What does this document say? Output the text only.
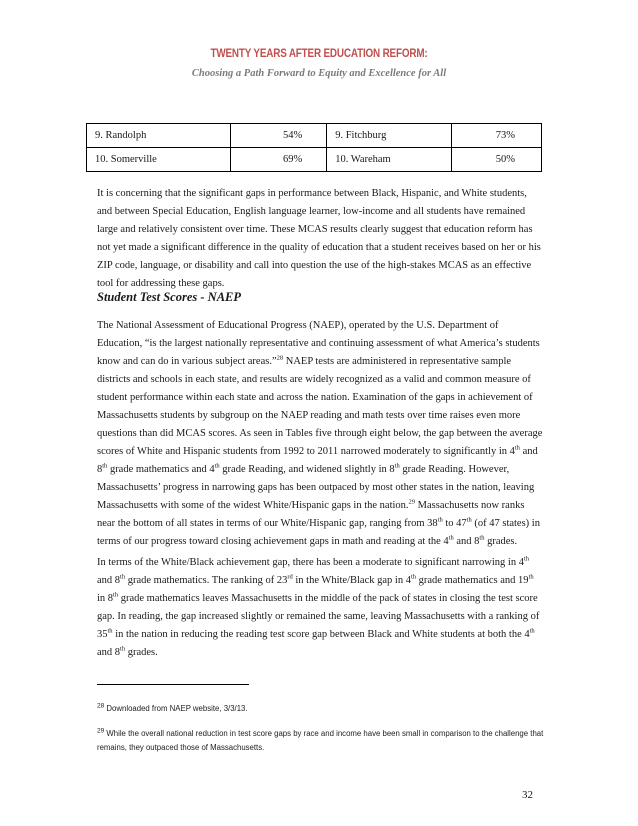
TWENTY YEARS AFTER EDUCATION REFORM:
Choosing a Path Forward to Equity and Excellence for All
9. Randolph	54%	9. Fitchburg	73%
10. Somerville	69%	10. Wareham	50%

It is concerning that the significant gaps in performance between Black, Hispanic, and White students, and between Special Education, English language learner, low-income and all students have remained large and relatively consistent over time. These MCAS results clearly suggest that education reform has not yet made a significant difference in the quality of education that a student receives based on her or his ZIP code, language, or disability and call into question the use of the high-stakes MCAS as an effective tool for addressing these gaps.

Student Test Scores - NAEP

The National Assessment of Educational Progress (NAEP), operated by the U.S. Department of Education, “is the largest nationally representative and continuing assessment of what America’s students know and can do in various subject areas.”$^{28}$ NAEP tests are administered in representative sample districts and schools in each state, and results are widely recognized as a valid and common measure of student performance within each state and across the nation. Examination of the gaps in achievement of Massachusetts students by subgroup on the NAEP reading and math tests over time raises even more questions than did MCAS scores. As seen in Tables five through eight below, the gap between the average scores of White and Hispanic students from 1992 to 2011 narrowed moderately to significantly in 4th and 8th grade mathematics and 4th grade Reading, and widened slightly in 8th grade Reading. However, Massachusetts’ progress in narrowing gaps has been outpaced by most other states in the nation, leaving Massachusetts with some of the widest White/Hispanic gaps in the nation.$^{29}$ Massachusetts now ranks near the bottom of all states in terms of our White/Hispanic gap, ranging from 38th to 47th (of 47 states) in terms of our progress toward closing achievement gaps in math and reading at the 4th and 8th grades.

In terms of the White/Black achievement gap, there has been a moderate to significant narrowing in 4th and 8th grade mathematics. The ranking of 23rd in the White/Black gap in 4th grade mathematics and 19th in 8th grade mathematics leaves Massachusetts in the middle of the pack of states in closing the test score gap. In reading, the gap increased slightly or remained the same, leaving Massachusetts with a ranking of 35th in the nation in reducing the reading test score gap between Black and White students at both the 4th and 8th grades.

$^{28}$ Downloaded from NAEP website, 3/3/13.
$^{29}$ While the overall national reduction in test score gaps by race and income have been small in comparison to the challenge that remains, they outpaced those of Massachusetts.
32
